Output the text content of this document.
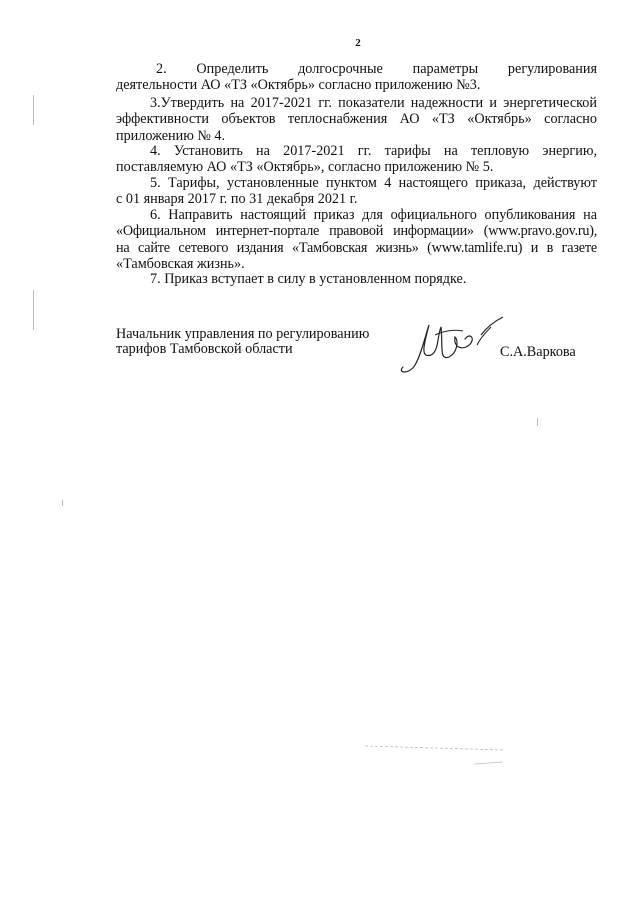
2
2. Определить долгосрочные параметры регулирования
деятельности АО «ТЗ «Октябрь» согласно приложению №3.
3.Утвердить на 2017-2021 гг. показатели надежности и энергетической
эффективности объектов теплоснабжения АО «ТЗ «Октябрь» согласно
приложению № 4.
4. Установить на 2017-2021 гг. тарифы на тепловую энергию,
поставляемую АО «ТЗ «Октябрь», согласно приложению № 5.
5. Тарифы, установленные пунктом 4 настоящего приказа, действуют
с 01 января 2017 г. по 31 декабря 2021 г.
6. Направить настоящий приказ для официального опубликования на
«Официальном интернет-портале правовой информации» (www.pravo.gov.ru),
на сайте сетевого издания «Тамбовская жизнь» (www.tamlife.ru) и в газете
«Тамбовская жизнь».
7. Приказ вступает в силу в установленном порядке.
Начальник управления по регулированию
тарифов Тамбовской области	С.А.Варкова
